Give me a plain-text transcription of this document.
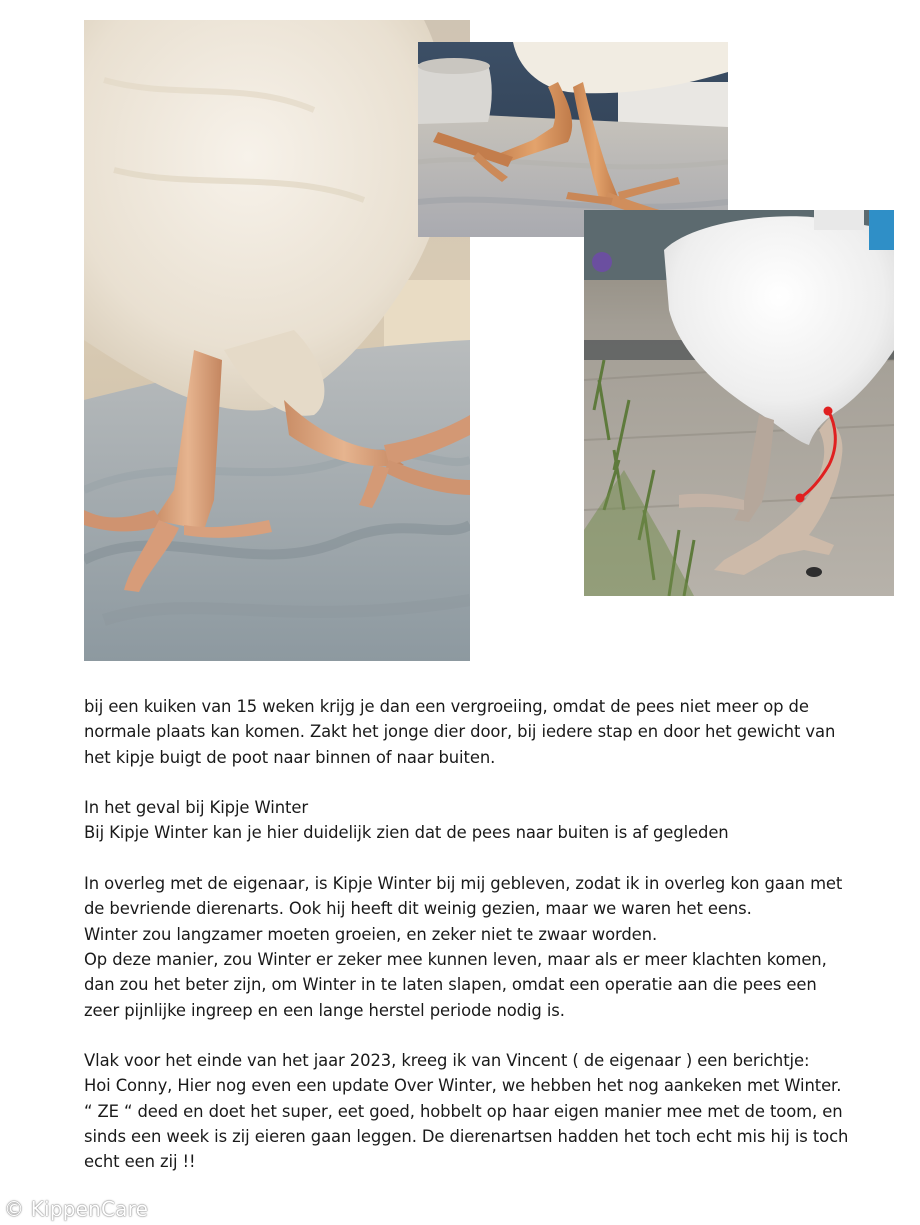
bij een kuiken van 15 weken krijg je dan een vergroeiing, omdat de pees niet meer op de
normale plaats kan komen. Zakt het jonge dier door, bij iedere stap en door het gewicht van
het kipje buigt de poot naar binnen of naar buiten.

In het geval bij Kipje Winter
Bij Kipje Winter kan je hier duidelijk zien dat de pees naar buiten is af gegleden

In overleg met de eigenaar, is Kipje Winter bij mij gebleven, zodat ik in overleg kon gaan met
de bevriende dierenarts. Ook hij heeft dit weinig gezien, maar we waren het eens.
Winter zou langzamer moeten groeien, en zeker niet te zwaar worden.
Op deze manier, zou Winter er zeker mee kunnen leven, maar als er meer klachten komen,
dan zou het beter zijn, om Winter in te laten slapen, omdat een operatie aan die pees een
zeer pijnlijke ingreep en een lange herstel periode nodig is.

Vlak voor het einde van het jaar 2023, kreeg ik van Vincent ( de eigenaar ) een berichtje:
Hoi Conny, Hier nog even een update Over Winter, we hebben het nog aankeken met Winter.
“ ZE “ deed en doet het super, eet goed, hobbelt op haar eigen manier mee met de toom, en
sinds een week is zij eieren gaan leggen. De dierenartsen hadden het toch echt mis hij is toch
echt een zij !!

© KippenCare
